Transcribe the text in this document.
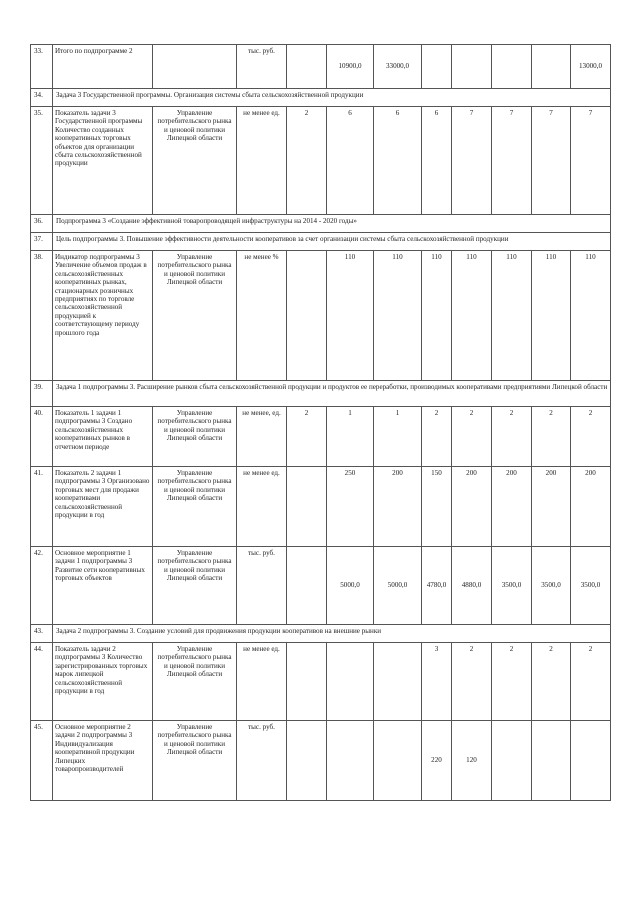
33.	Итого по подпрограмме 2		тыс. руб.		10900,0	33000,0					13000,0
34.	Задача 3 Государственной программы. Организация системы сбыта сельскохозяйственной продукции										
35.	Показатель задачи 3 Государственной программы Количество созданных кооперативных торговых объектов для организации сбыта сельскохозяйственной продукции	Управление потребительского рынка и ценовой политики Липецкой области	не менее ед.	2	6	6	6	7	7	7	7
36.	Подпрограмма 3 «Создание эффективной товаропроводящей инфраструктуры на 2014 - 2020 годы»										
37.	Цель подпрограммы 3. Повышение эффективности деятельности кооперативов за счет организации системы сбыта сельскохозяйственной продукции										
38.	Индикатор подпрограммы 3 Увеличение объемов продаж в сельскохозяйственных кооперативных рынках, стационарных розничных предприятиях по торговле сельскохозяйственной продукцией к соответствующему периоду прошлого года	Управление потребительского рынка и ценовой политики Липецкой области	не менее %		110	110	110	110	110	110	110
39.	Задача 1 подпрограммы 3. Расширение рынков сбыта сельскохозяйственной продукции и продуктов ее переработки, производимых кооперативами предприятиями Липецкой области										
40.	Показатель 1 задачи 1 подпрограммы 3 Создано сельскохозяйственных кооперативных рынков в отчетном периоде	Управление потребительского рынка и ценовой политики Липецкой области	не менее, ед.	2	1	1	2	2	2	2	2
41.	Показатель 2 задачи 1 подпрограммы 3 Организовано торговых мест для продажи кооперативами сельскохозяйственной продукции в год	Управление потребительского рынка и ценовой политики Липецкой области	не менее ед.		250	200	150	200	200	200	200
42.	Основное мероприятие 1 задачи 1 подпрограммы 3 Развитие сети кооперативных торговых объектов	Управление потребительского рынка и ценовой политики Липецкой области	тыс. руб.		5000,0	5000,0	4780,0	4880,0	3500,0	3500,0	3500,0
43.	Задача 2 подпрограммы 3. Создание условий для продвижения продукции кооперативов на внешние рынки										
44.	Показатель задачи 2 подпрограммы 3 Количество зарегистрированных торговых марок липецкой сельскохозяйственной продукции в год	Управление потребительского рынка и ценовой политики Липецкой области	не менее ед.				3	2	2	2	2
45.	Основное мероприятие 2 задачи 2 подпрограммы 3 Индивидуализация кооперативной продукции Липецких товаропроизводителей	Управление потребительского рынка и ценовой политики Липецкой области	тыс. руб.				220	120			
